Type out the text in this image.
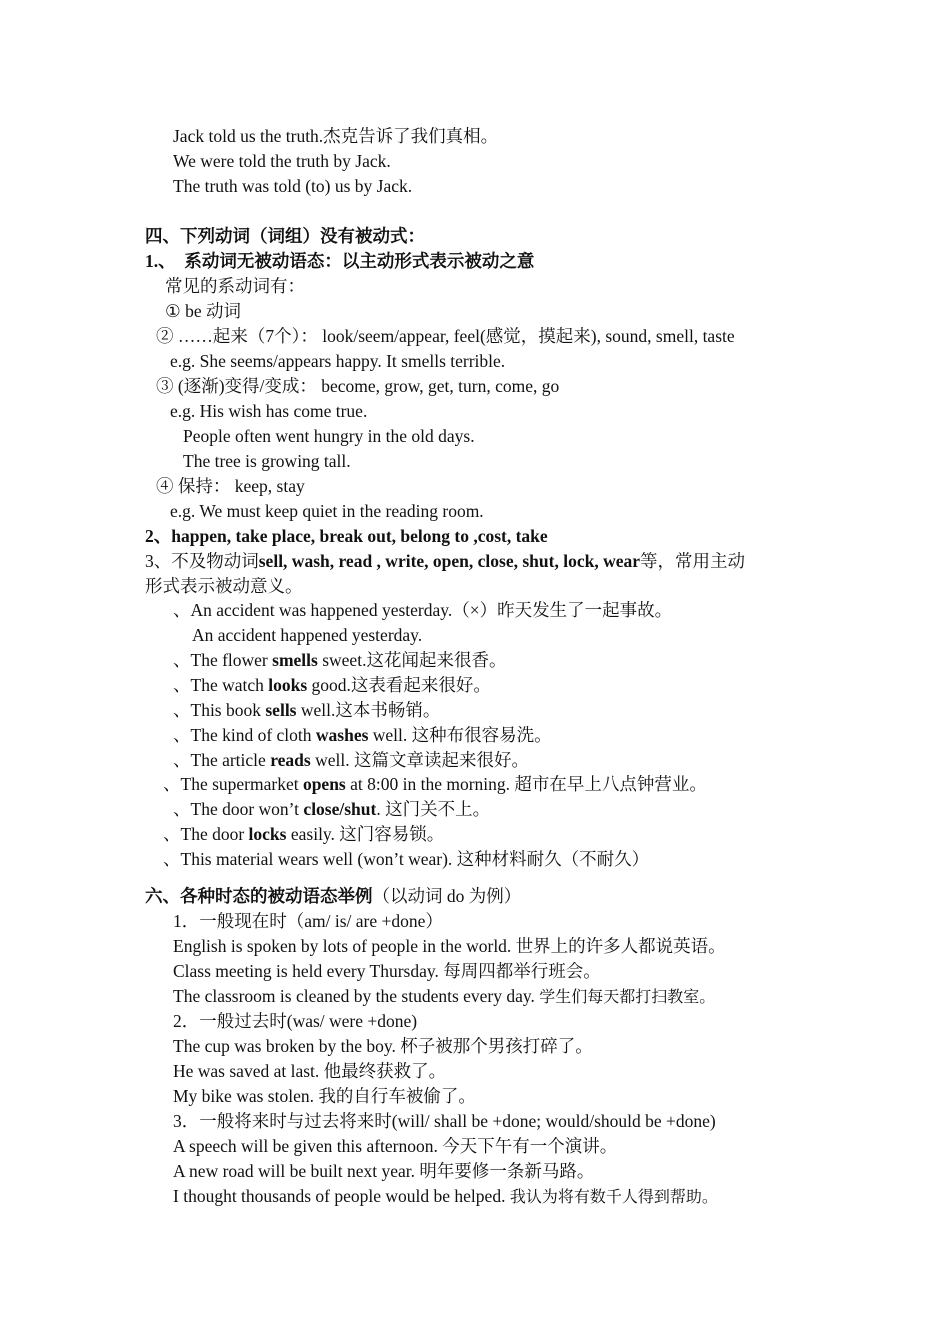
Jack told us the truth.杰克告诉了我们真相。
We were told the truth by Jack.
The truth was told (to) us by Jack.
四、下列动词（词组）没有被动式：
1.、　系动词无被动语态：以主动形式表示被动之意
常见的系动词有：
① be 动词
② ……起来（7个）： look/seem/appear, feel(感觉，摸起来), sound, smell, taste
e.g. She seems/appears happy. It smells terrible.
③ (逐渐)变得/变成： become, grow, get, turn, come, go
e.g. His wish has come true.
People often went hungry in the old days.
The tree is growing tall.
④ 保持： keep, stay
e.g. We must keep quiet in the reading room.
2、happen, take place, break out, belong to ,cost, take
3、不及物动词sell, wash, read , write, open, close, shut, lock, wear等，常用主动
形式表示被动意义。
、An accident was happened yesterday.（×）昨天发生了一起事故。
An accident happened yesterday.
、The flower smells sweet.这花闻起来很香。
、The watch looks good.这表看起来很好。
、This book sells well.这本书畅销。
、The kind of cloth washes well. 这种布很容易洗。
、The article reads well. 这篇文章读起来很好。
、The supermarket opens at 8:00 in the morning. 超市在早上八点钟营业。
、The door won’t close/shut. 这门关不上。
、The door locks easily. 这门容易锁。
、This material wears well (won’t wear). 这种材料耐久（不耐久）
六、各种时态的被动语态举例（以动词 do 为例）
1．一般现在时（am/ is/ are +done）
English is spoken by lots of people in the world. 世界上的许多人都说英语。
Class meeting is held every Thursday. 每周四都举行班会。
The classroom is cleaned by the students every day. 学生们每天都打扫教室。
2．一般过去时(was/ were +done)
The cup was broken by the boy. 杯子被那个男孩打碎了。
He was saved at last. 他最终获救了。
My bike was stolen. 我的自行车被偷了。
3．一般将来时与过去将来时(will/ shall be +done; would/should be +done)
A speech will be given this afternoon. 今天下午有一个演讲。
A new road will be built next year. 明年要修一条新马路。
I thought thousands of people would be helped. 我认为将有数千人得到帮助。
